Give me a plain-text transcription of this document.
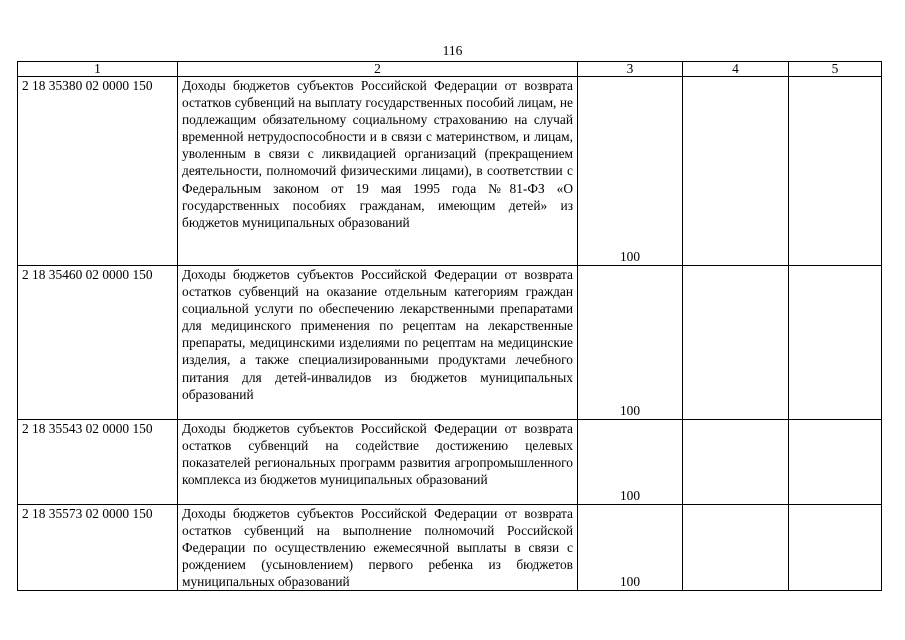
116
1	2	3	4	5
2 18 35380 02 0000 150	Доходы бюджетов субъектов Российской Федерации от возврата остатков субвенций на выплату государственных пособий лицам, не подлежащим обязательному социальному страхованию на случай временной нетрудоспособности и в связи с материнством, и лицам, уволенным в связи с ликвидацией организаций (прекращением деятельности, полномочий физическими лицами), в соответствии с Федеральным законом от 19 мая 1995 года №81-ФЗ «О государственных пособиях гражданам, имеющим детей» из бюджетов муниципальных образований	100		
2 18 35460 02 0000 150	Доходы бюджетов субъектов Российской Федерации от возврата остатков субвенций на оказание отдельным категориям граждан социальной услуги по обеспечению лекарственными препаратами для медицинского применения по рецептам на лекарственные препараты, медицинскими изделиями по рецептам на медицинские изделия, а также специализированными продуктами лечебного питания для детей-инвалидов из бюджетов муниципальных образований	100		
2 18 35543 02 0000 150	Доходы бюджетов субъектов Российской Федерации от возврата остатков субвенций на содействие достижению целевых показателей региональных программ развития агропромышленного комплекса из бюджетов муниципальных образований	100		
2 18 35573 02 0000 150	Доходы бюджетов субъектов Российской Федерации от возврата остатков субвенций на выполнение полномочий Российской Федерации по осуществлению ежемесячной выплаты в связи с рождением (усыновлением) первого ребенка из бюджетов муниципальных образований	100		
